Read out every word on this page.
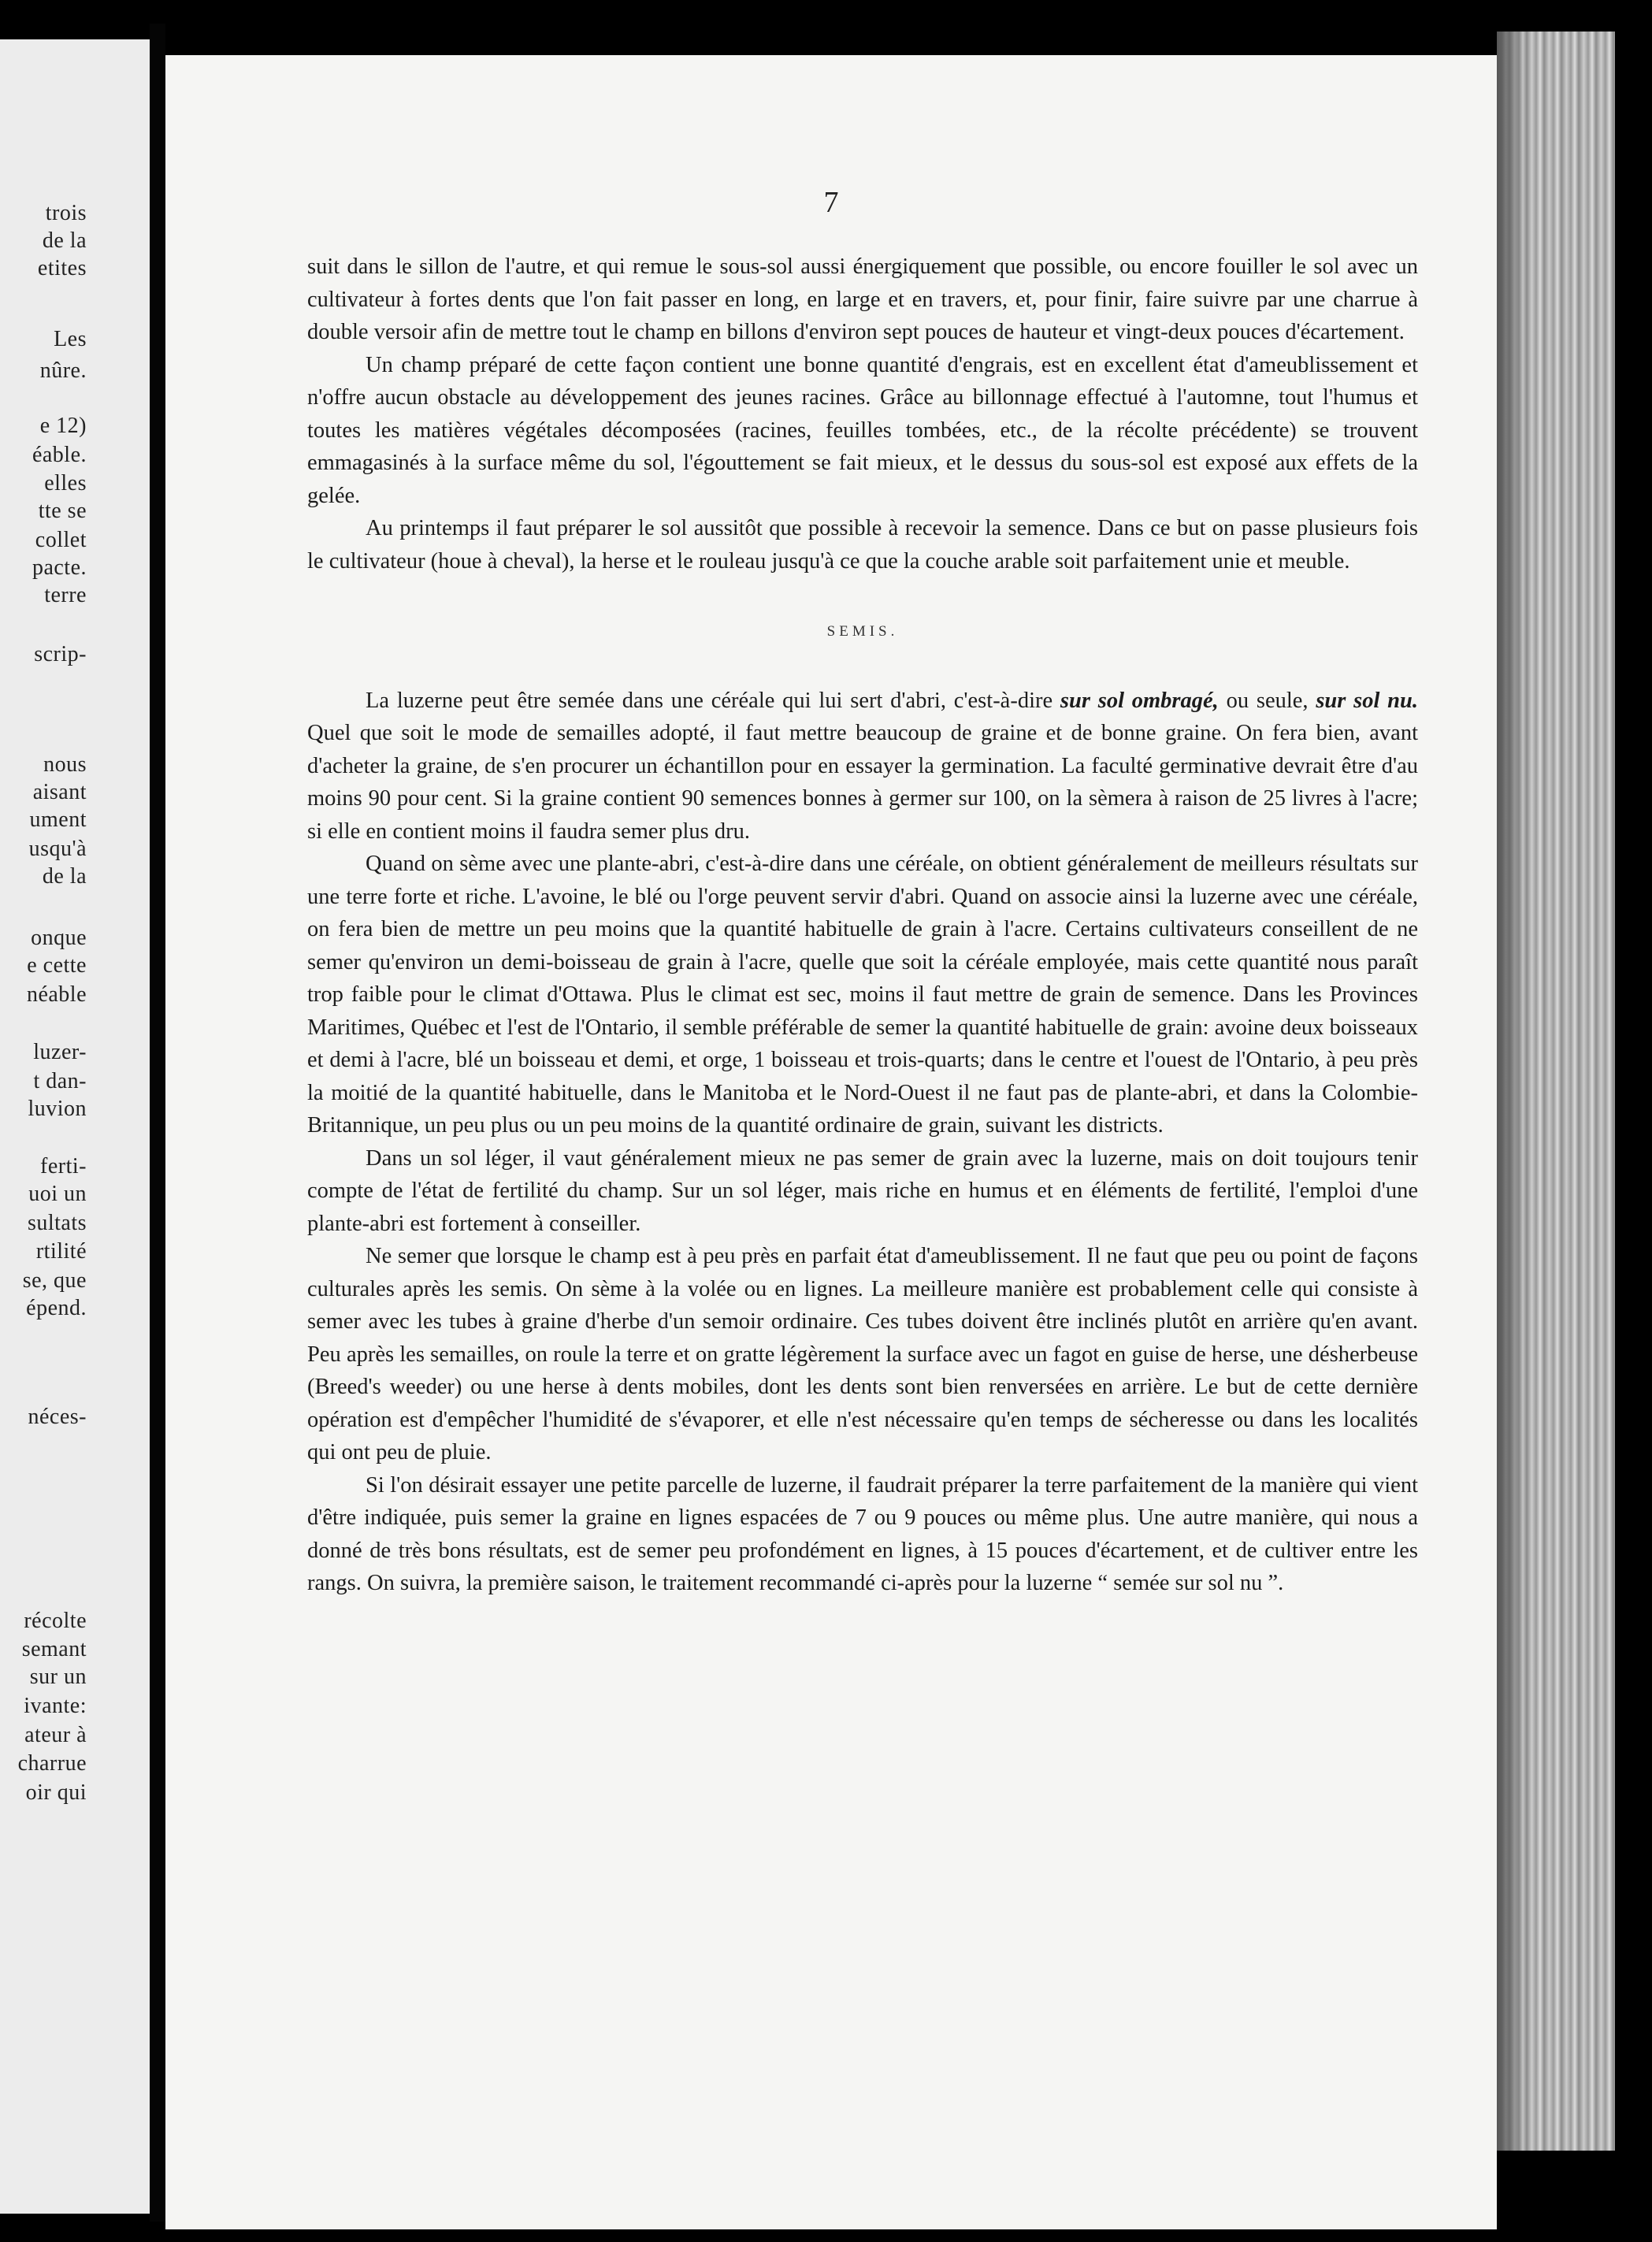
trois
de la
etites
Les
nûre.
e 12)
éable.
elles
tte se
collet
pacte.
terre
scrip-
nous
aisant
ument
usqu'à
de la
onque
e cette
néable
luzer-
t dan-
luvion
ferti-
uoi un
sultats
rtilité
se, que
épend.
néces-
récolte
semant
sur un
ivante:
ateur à
charrue
oir qui
7

suit dans le sillon de l'autre, et qui remue le sous-sol aussi énergiquement que possible, ou encore fouiller le sol avec un cultivateur à fortes dents que l'on fait passer en long, en large et en travers, et, pour finir, faire suivre par une charrue à double versoir afin de mettre tout le champ en billons d'environ sept pouces de hauteur et vingt-deux pouces d'écartement.

Un champ préparé de cette façon contient une bonne quantité d'engrais, est en excellent état d'ameublissement et n'offre aucun obstacle au développement des jeunes racines. Grâce au billonnage effectué à l'automne, tout l'humus et toutes les matières végétales décomposées (racines, feuilles tombées, etc., de la récolte précédente) se trouvent emmagasinés à la surface même du sol, l'égouttement se fait mieux, et le dessus du sous-sol est exposé aux effets de la gelée.

Au printemps il faut préparer le sol aussitôt que possible à recevoir la semence. Dans ce but on passe plusieurs fois le cultivateur (houe à cheval), la herse et le rouleau jusqu'à ce que la couche arable soit parfaitement unie et meuble.

SEMIS.

La luzerne peut être semée dans une céréale qui lui sert d'abri, c'est-à-dire sur sol ombragé, ou seule, sur sol nu. Quel que soit le mode de semailles adopté, il faut mettre beaucoup de graine et de bonne graine. On fera bien, avant d'acheter la graine, de s'en procurer un échantillon pour en essayer la germination. La faculté germinative devrait être d'au moins 90 pour cent. Si la graine contient 90 semences bonnes à germer sur 100, on la sèmera à raison de 25 livres à l'acre; si elle en contient moins il faudra semer plus dru.

Quand on sème avec une plante-abri, c'est-à-dire dans une céréale, on obtient généralement de meilleurs résultats sur une terre forte et riche. L'avoine, le blé ou l'orge peuvent servir d'abri. Quand on associe ainsi la luzerne avec une céréale, on fera bien de mettre un peu moins que la quantité habituelle de grain à l'acre. Certains cultivateurs conseillent de ne semer qu'environ un demi-boisseau de grain à l'acre, quelle que soit la céréale employée, mais cette quantité nous paraît trop faible pour le climat d'Ottawa. Plus le climat est sec, moins il faut mettre de grain de semence. Dans les Provinces Maritimes, Québec et l'est de l'Ontario, il semble préférable de semer la quantité habituelle de grain: avoine deux boisseaux et demi à l'acre, blé un boisseau et demi, et orge, 1 boisseau et trois-quarts; dans le centre et l'ouest de l'Ontario, à peu près la moitié de la quantité habituelle, dans le Manitoba et le Nord-Ouest il ne faut pas de plante-abri, et dans la Colombie-Britannique, un peu plus ou un peu moins de la quantité ordinaire de grain, suivant les districts.

Dans un sol léger, il vaut généralement mieux ne pas semer de grain avec la luzerne, mais on doit toujours tenir compte de l'état de fertilité du champ. Sur un sol léger, mais riche en humus et en éléments de fertilité, l'emploi d'une plante-abri est fortement à conseiller.

Ne semer que lorsque le champ est à peu près en parfait état d'ameublissement. Il ne faut que peu ou point de façons culturales après les semis. On sème à la volée ou en lignes. La meilleure manière est probablement celle qui consiste à semer avec les tubes à graine d'herbe d'un semoir ordinaire. Ces tubes doivent être inclinés plutôt en arrière qu'en avant. Peu après les semailles, on roule la terre et on gratte légèrement la surface avec un fagot en guise de herse, une désherbeuse (Breed's weeder) ou une herse à dents mobiles, dont les dents sont bien renversées en arrière. Le but de cette dernière opération est d'empêcher l'humidité de s'évaporer, et elle n'est nécessaire qu'en temps de sécheresse ou dans les localités qui ont peu de pluie.

Si l'on désirait essayer une petite parcelle de luzerne, il faudrait préparer la terre parfaitement de la manière qui vient d'être indiquée, puis semer la graine en lignes espacées de 7 ou 9 pouces ou même plus. Une autre manière, qui nous a donné de très bons résultats, est de semer peu profondément en lignes, à 15 pouces d'écartement, et de cultiver entre les rangs. On suivra, la première saison, le traitement recommandé ci-après pour la luzerne “ semée sur sol nu ”.
